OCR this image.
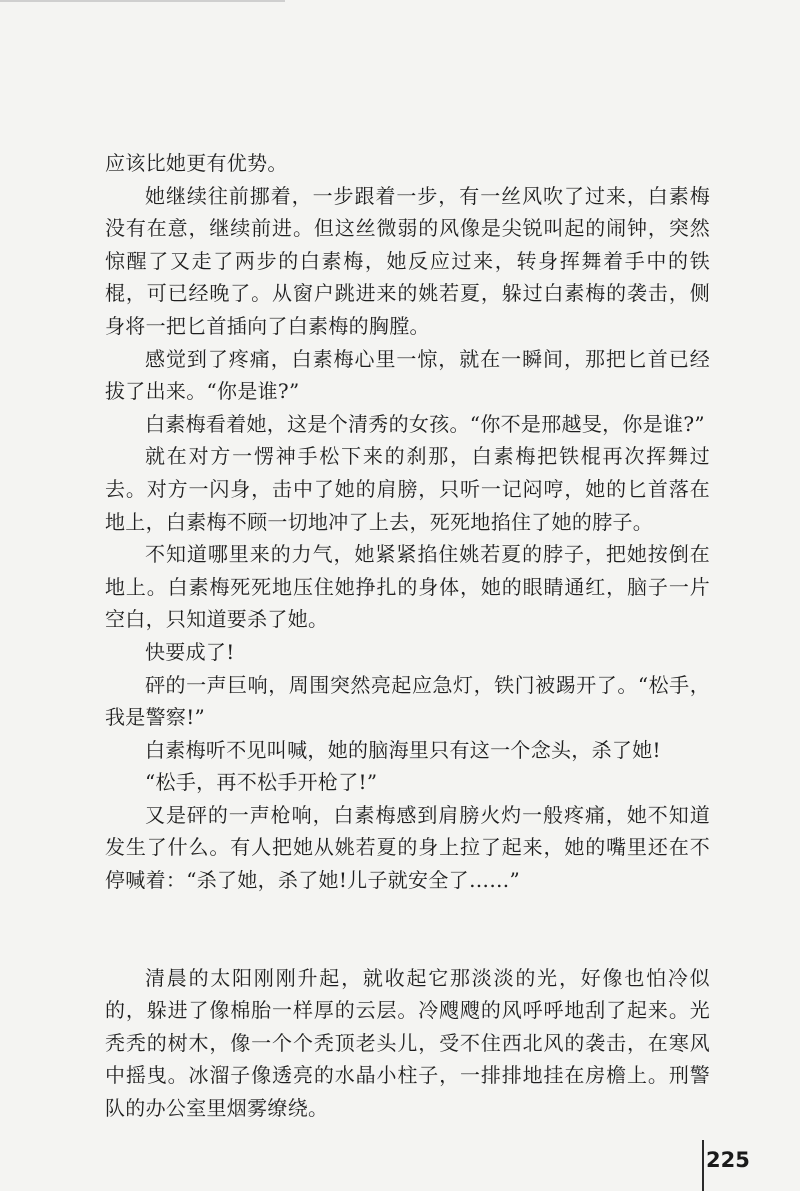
应该比她更有优势。

她继续往前挪着，一步跟着一步，有一丝风吹了过来，白素梅没有在意，继续前进。但这丝微弱的风像是尖锐叫起的闹钟，突然惊醒了又走了两步的白素梅，她反应过来，转身挥舞着手中的铁棍，可已经晚了。从窗户跳进来的姚若夏，躲过白素梅的袭击，侧身将一把匕首插向了白素梅的胸膛。

感觉到了疼痛，白素梅心里一惊，就在一瞬间，那把匕首已经拔了出来。“你是谁?”

白素梅看着她，这是个清秀的女孩。“你不是邢越旻，你是谁?”

就在对方一愣神手松下来的刹那，白素梅把铁棍再次挥舞过去。对方一闪身，击中了她的肩膀，只听一记闷哼，她的匕首落在地上，白素梅不顾一切地冲了上去，死死地掐住了她的脖子。

不知道哪里来的力气，她紧紧掐住姚若夏的脖子，把她按倒在地上。白素梅死死地压住她挣扎的身体，她的眼睛通红，脑子一片空白，只知道要杀了她。

快要成了!

砰的一声巨响，周围突然亮起应急灯，铁门被踢开了。“松手，我是警察!”

白素梅听不见叫喊，她的脑海里只有这一个念头，杀了她!

“松手，再不松手开枪了!”

又是砰的一声枪响，白素梅感到肩膀火灼一般疼痛，她不知道发生了什么。有人把她从姚若夏的身上拉了起来，她的嘴里还在不停喊着：“杀了她，杀了她!儿子就安全了……”

清晨的太阳刚刚升起，就收起它那淡淡的光，好像也怕冷似的，躲进了像棉胎一样厚的云层。冷飕飕的风呼呼地刮了起来。光秃秃的树木，像一个个秃顶老头儿，受不住西北风的袭击，在寒风中摇曳。冰溜子像透亮的水晶小柱子，一排排地挂在房檐上。刑警队的办公室里烟雾缭绕。

225
